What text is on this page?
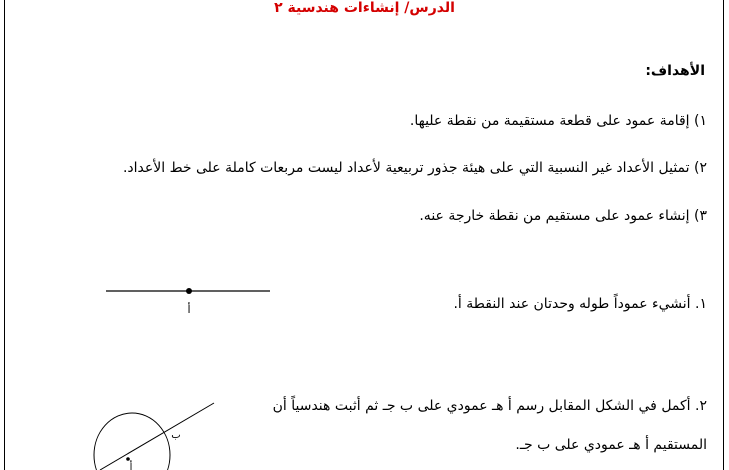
الدرس/ إنشاءات هندسية ٢
الأهداف:
١) إقامة عمود على قطعة مستقيمة من نقطة عليها.
٢) تمثيل الأعداد غير النسبية التي على هيئة جذور تربيعية لأعداد ليست مربعات كاملة على خط الأعداد.
٣) إنشاء عمود على مستقيم من نقطة خارجة عنه.
١. أنشيء عموداً طوله وحدتان عند النقطة أ.
أ
ب
أ
٢. أكمل في الشكل المقابل رسم أ هـ عمودي على ب جـ ثم أثبت هندسياً أن
المستقيم أ هـ عمودي على ب جـ.
